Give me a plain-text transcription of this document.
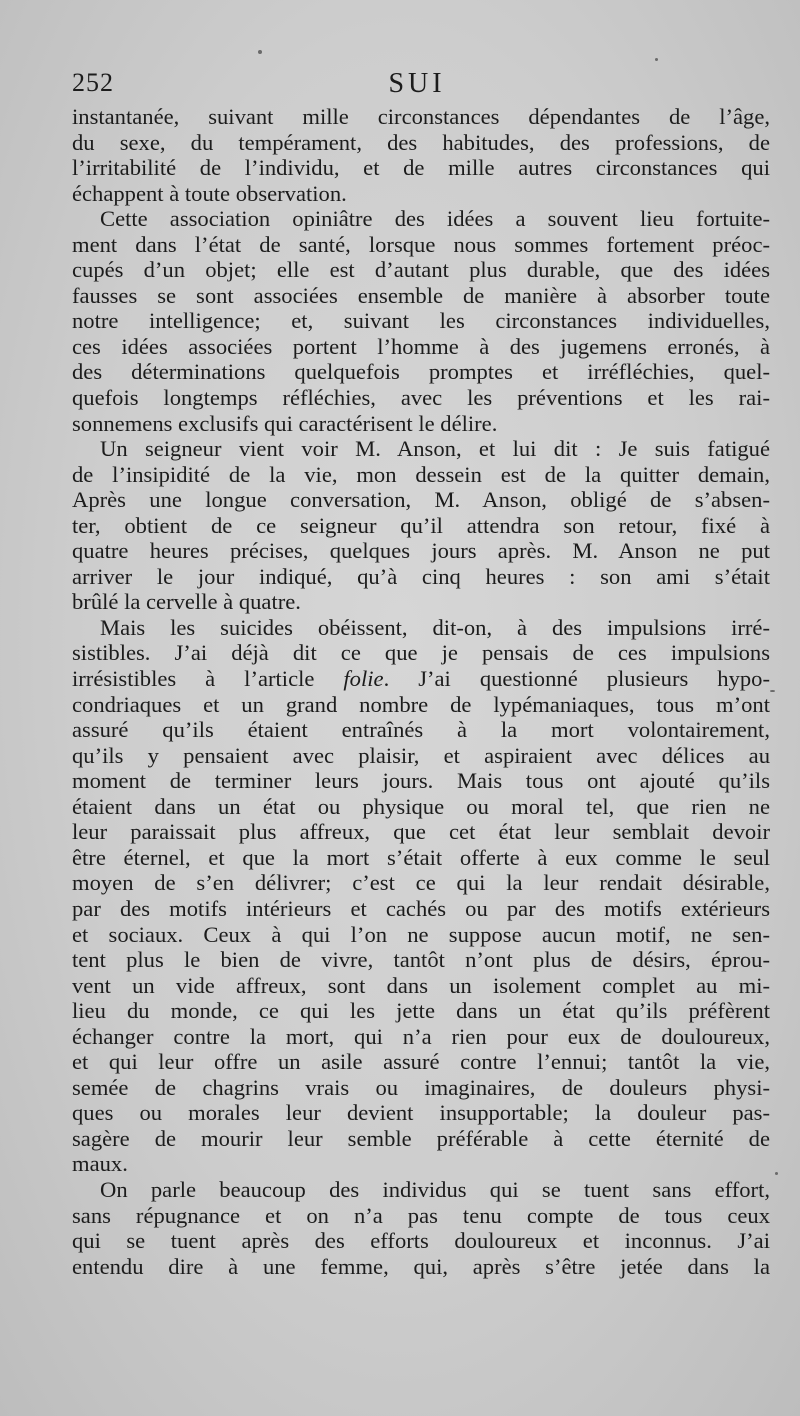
252	SUI
instantanée, suivant mille circonstances dépendantes de l’âge,
du sexe, du tempérament, des habitudes, des professions, de
l’irritabilité de l’individu, et de mille autres circonstances qui
échappent à toute observation.
Cette association opiniâtre des idées a souvent lieu fortuite-
ment dans l’état de santé, lorsque nous sommes fortement préoc-
cupés d’un objet; elle est d’autant plus durable, que des idées
fausses se sont associées ensemble de manière à absorber toute
notre intelligence; et, suivant les circonstances individuelles,
ces idées associées portent l’homme à des jugemens erronés, à
des déterminations quelquefois promptes et irréfléchies, quel-
quefois longtemps réfléchies, avec les préventions et les rai-
sonnemens exclusifs qui caractérisent le délire.
Un seigneur vient voir M. Anson, et lui dit : Je suis fatigué
de l’insipidité de la vie, mon dessein est de la quitter demain,
Après une longue conversation, M. Anson, obligé de s’absen-
ter, obtient de ce seigneur qu’il attendra son retour, fixé à
quatre heures précises, quelques jours après. M. Anson ne put
arriver le jour indiqué, qu’à cinq heures : son ami s’était
brûlé la cervelle à quatre.
Mais les suicides obéissent, dit-on, à des impulsions irré-
sistibles. J’ai déjà dit ce que je pensais de ces impulsions
irrésistibles à l’article folie. J’ai questionné plusieurs hypo-
condriaques et un grand nombre de lypémaniaques, tous m’ont
assuré qu’ils étaient entraînés à la mort volontairement,
qu’ils y pensaient avec plaisir, et aspiraient avec délices au
moment de terminer leurs jours. Mais tous ont ajouté qu’ils
étaient dans un état ou physique ou moral tel, que rien ne
leur paraissait plus affreux, que cet état leur semblait devoir
être éternel, et que la mort s’était offerte à eux comme le seul
moyen de s’en délivrer; c’est ce qui la leur rendait désirable,
par des motifs intérieurs et cachés ou par des motifs extérieurs
et sociaux. Ceux à qui l’on ne suppose aucun motif, ne sen-
tent plus le bien de vivre, tantôt n’ont plus de désirs, éprou-
vent un vide affreux, sont dans un isolement complet au mi-
lieu du monde, ce qui les jette dans un état qu’ils préfèrent
échanger contre la mort, qui n’a rien pour eux de douloureux,
et qui leur offre un asile assuré contre l’ennui; tantôt la vie,
semée de chagrins vrais ou imaginaires, de douleurs physi-
ques ou morales leur devient insupportable; la douleur pas-
sagère de mourir leur semble préférable à cette éternité de
maux.
On parle beaucoup des individus qui se tuent sans effort,
sans répugnance et on n’a pas tenu compte de tous ceux
qui se tuent après des efforts douloureux et inconnus. J’ai
entendu dire à une femme, qui, après s’être jetée dans la
